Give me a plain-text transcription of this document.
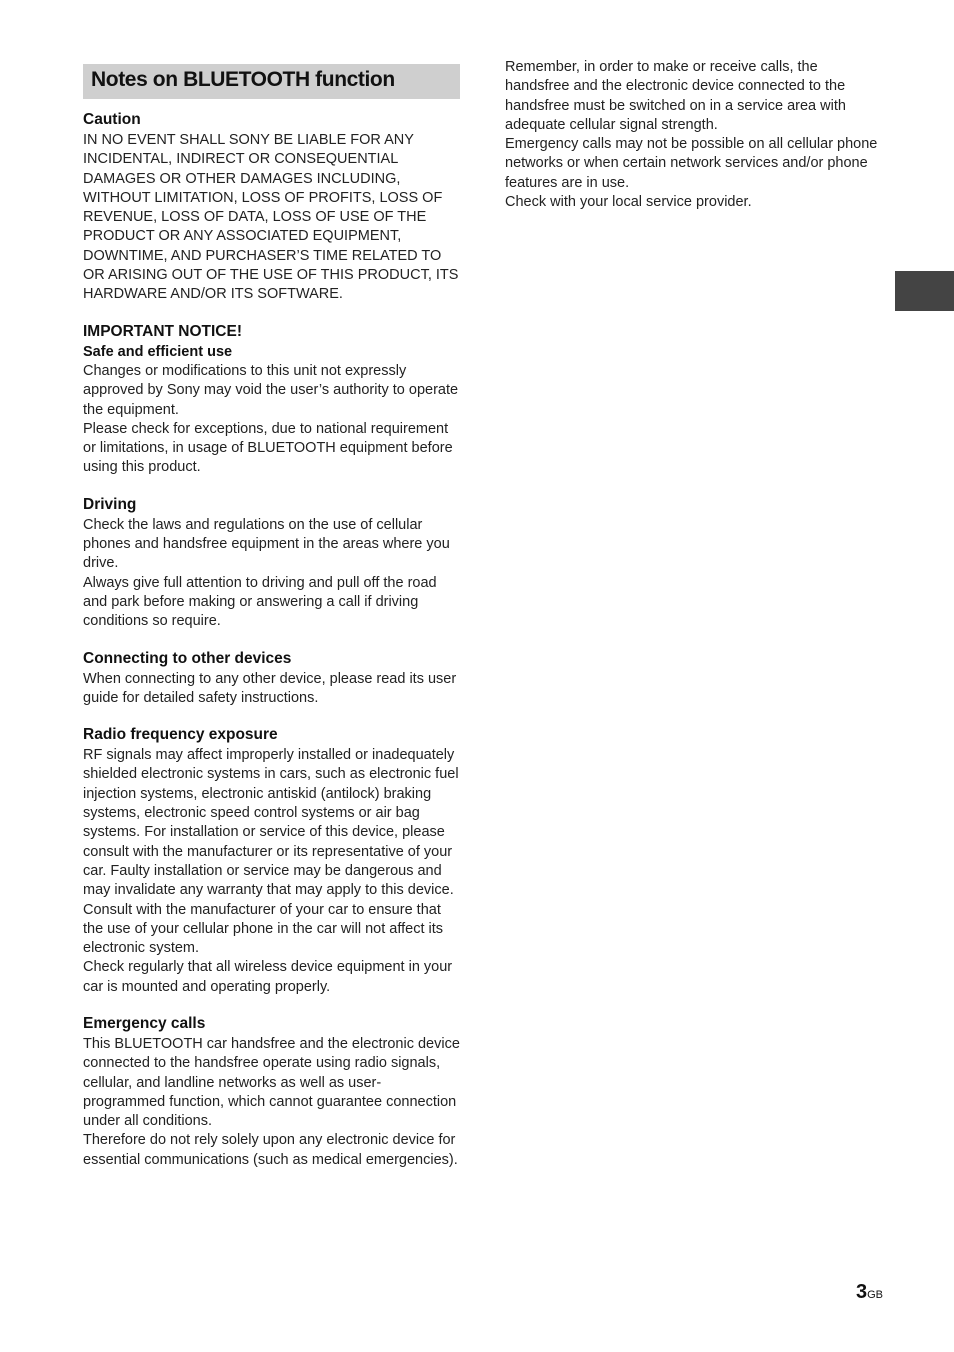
Notes on BLUETOOTH function
Caution

IN NO EVENT SHALL SONY BE LIABLE FOR ANY INCIDENTAL, INDIRECT OR CONSEQUENTIAL DAMAGES OR OTHER DAMAGES INCLUDING, WITHOUT LIMITATION, LOSS OF PROFITS, LOSS OF REVENUE, LOSS OF DATA, LOSS OF USE OF THE PRODUCT OR ANY ASSOCIATED EQUIPMENT, DOWNTIME, AND PURCHASER’S TIME RELATED TO OR ARISING OUT OF THE USE OF THIS PRODUCT, ITS HARDWARE AND/OR ITS SOFTWARE.

IMPORTANT NOTICE!
Safe and efficient use

Changes or modifications to this unit not expressly approved by Sony may void the user’s authority to operate the equipment.

Please check for exceptions, due to national requirement or limitations, in usage of BLUETOOTH equipment before using this product.

Driving

Check the laws and regulations on the use of cellular phones and handsfree equipment in the areas where you drive.

Always give full attention to driving and pull off the road and park before making or answering a call if driving conditions so require.

Connecting to other devices

When connecting to any other device, please read its user guide for detailed safety instructions.

Radio frequency exposure

RF signals may affect improperly installed or inadequately shielded electronic systems in cars, such as electronic fuel injection systems, electronic antiskid (antilock) braking systems, electronic speed control systems or air bag systems. For installation or service of this device, please consult with the manufacturer or its representative of your car. Faulty installation or service may be dangerous and may invalidate any warranty that may apply to this device.

Consult with the manufacturer of your car to ensure that the use of your cellular phone in the car will not affect its electronic system.

Check regularly that all wireless device equipment in your car is mounted and operating properly.

Emergency calls

This BLUETOOTH car handsfree and the electronic device connected to the handsfree operate using radio signals, cellular, and landline networks as well as user-programmed function, which cannot guarantee connection under all conditions.

Therefore do not rely solely upon any electronic device for essential communications (such as medical emergencies).

Remember, in order to make or receive calls, the handsfree and the electronic device connected to the handsfree must be switched on in a service area with adequate cellular signal strength.

Emergency calls may not be possible on all cellular phone networks or when certain network services and/or phone features are in use.

Check with your local service provider.

3GB
